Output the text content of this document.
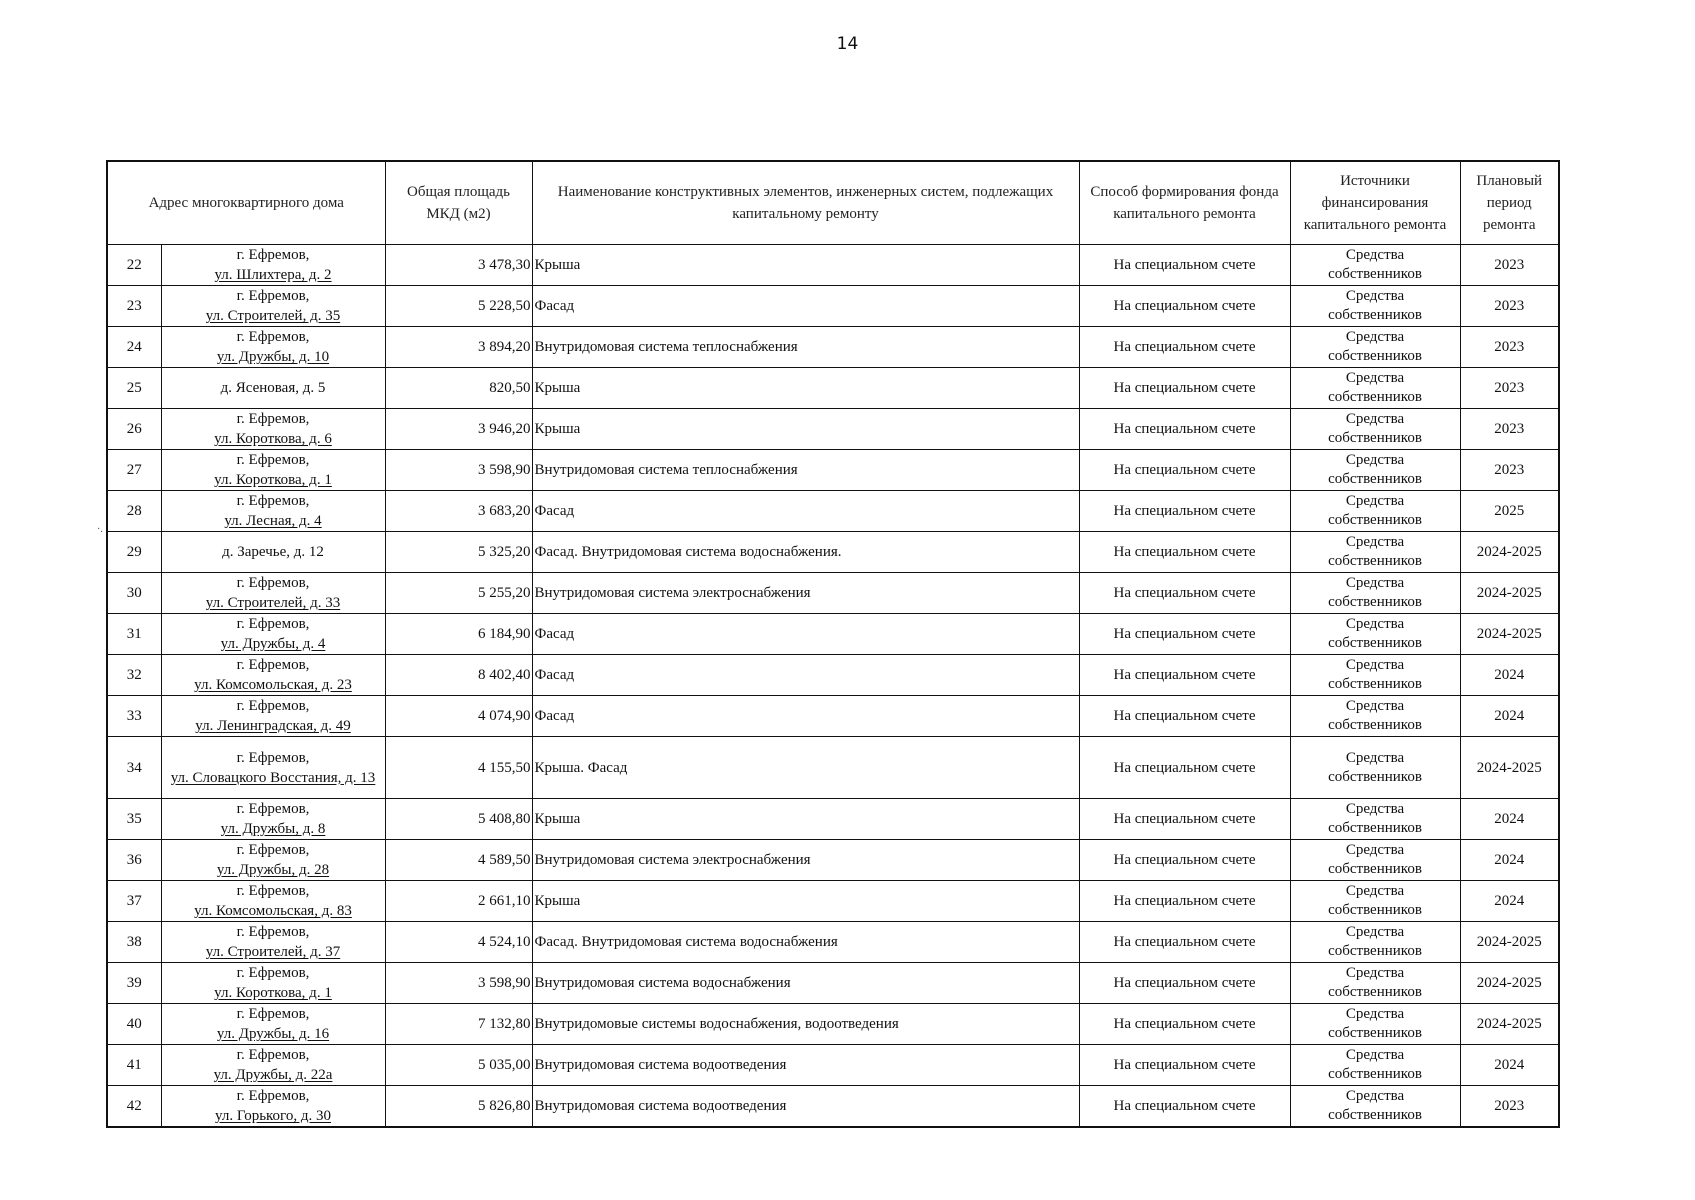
14
·.
Адрес многоквартирного дома		Общая площадь МКД (м2)	Наименование конструктивных элементов, инженерных систем, подлежащих капитальному ремонту	Способ формирования фонда капитального ремонта	Источники финансирования капитального ремонта	Плановый период ремонта
22	г. Ефремов,
ул. Шлихтера, д. 2	3 478,30	Крыша	На специальном счете	Средства
собственников	2023
23	г. Ефремов,
ул. Строителей, д. 35	5 228,50	Фасад	На специальном счете	Средства
собственников	2023
24	г. Ефремов,
ул. Дружбы, д. 10	3 894,20	Внутридомовая система теплоснабжения	На специальном счете	Средства
собственников	2023
25	д. Ясеновая, д. 5	820,50	Крыша	На специальном счете	Средства
собственников	2023
26	г. Ефремов,
ул. Короткова, д. 6	3 946,20	Крыша	На специальном счете	Средства
собственников	2023
27	г. Ефремов,
ул. Короткова, д. 1	3 598,90	Внутридомовая система теплоснабжения	На специальном счете	Средства
собственников	2023
28	г. Ефремов,
ул. Лесная, д. 4	3 683,20	Фасад	На специальном счете	Средства
собственников	2025
29	д. Заречье, д. 12	5 325,20	Фасад. Внутридомовая система водоснабжения.	На специальном счете	Средства
собственников	2024-2025
30	г. Ефремов,
ул. Строителей, д. 33	5 255,20	Внутридомовая система электроснабжения	На специальном счете	Средства
собственников	2024-2025
31	г. Ефремов,
ул. Дружбы, д. 4	6 184,90	Фасад	На специальном счете	Средства
собственников	2024-2025
32	г. Ефремов,
ул. Комсомольская, д. 23	8 402,40	Фасад	На специальном счете	Средства
собственников	2024
33	г. Ефремов,
ул. Ленинградская, д. 49	4 074,90	Фасад	На специальном счете	Средства
собственников	2024
34	г. Ефремов,
ул. Словацкого Восстания, д. 13	4 155,50	Крыша. Фасад	На специальном счете	Средства
собственников	2024-2025
35	г. Ефремов,
ул. Дружбы, д. 8	5 408,80	Крыша	На специальном счете	Средства
собственников	2024
36	г. Ефремов,
ул. Дружбы, д. 28	4 589,50	Внутридомовая система электроснабжения	На специальном счете	Средства
собственников	2024
37	г. Ефремов,
ул. Комсомольская, д. 83	2 661,10	Крыша	На специальном счете	Средства
собственников	2024
38	г. Ефремов,
ул. Строителей, д. 37	4 524,10	Фасад. Внутридомовая система водоснабжения	На специальном счете	Средства
собственников	2024-2025
39	г. Ефремов,
ул. Короткова, д. 1	3 598,90	Внутридомовая система водоснабжения	На специальном счете	Средства
собственников	2024-2025
40	г. Ефремов,
ул. Дружбы, д. 16	7 132,80	Внутридомовые системы водоснабжения, водоотведения	На специальном счете	Средства
собственников	2024-2025
41	г. Ефремов,
ул. Дружбы, д. 22а	5 035,00	Внутридомовая система водоотведения	На специальном счете	Средства
собственников	2024
42	г. Ефремов,
ул. Горького, д. 30	5 826,80	Внутридомовая система водоотведения	На специальном счете	Средства
собственников	2023
